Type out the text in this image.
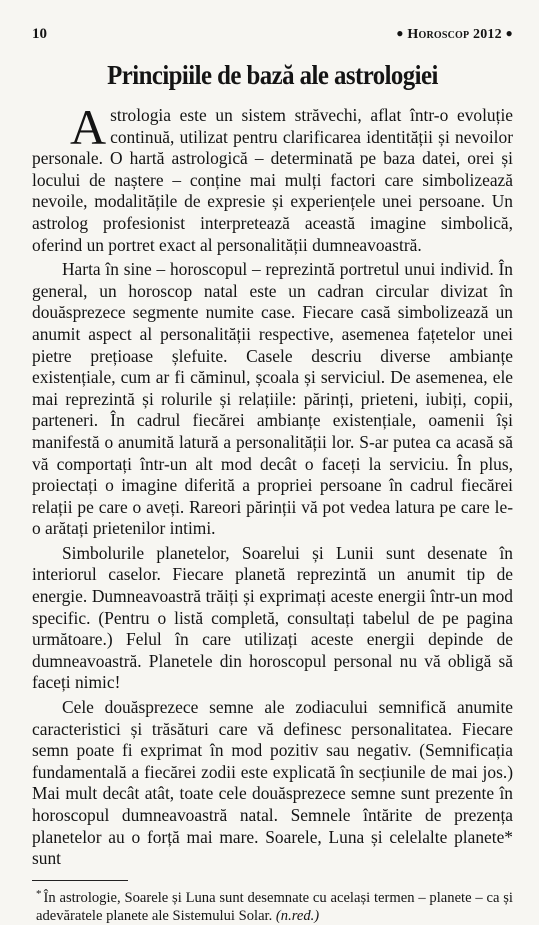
10	● Horoscop 2012 ●
Principiile de bază ale astrologiei

Astrologia este un sistem străvechi, aflat într-o evoluție continuă, utilizat pentru clarificarea identității și nevoilor personale. O hartă astrologică – determinată pe baza datei, orei și locului de naștere – conține mai mulți factori care simbolizează nevoile, modalitățile de expresie și experiențele unei persoane. Un astrolog profesionist interpretează această imagine simbolică, oferind un portret exact al personalității dumneavoastră.

Harta în sine – horoscopul – reprezintă portretul unui individ. În general, un horoscop natal este un cadran circular divizat în douăsprezece segmente numite case. Fiecare casă simbolizează un anumit aspect al personalității respective, asemenea fațetelor unei pietre prețioase șlefuite. Casele descriu diverse ambianțe existențiale, cum ar fi căminul, școala și serviciul. De asemenea, ele mai reprezintă și rolurile și relațiile: părinți, prieteni, iubiți, copii, parteneri. În cadrul fiecărei ambianțe existențiale, oamenii își manifestă o anumită latură a personalității lor. S-ar putea ca acasă să vă comportați într-un alt mod decât o faceți la serviciu. În plus, proiectați o imagine diferită a propriei persoane în cadrul fiecărei relații pe care o aveți. Rareori părinții vă pot vedea latura pe care le-o arătați prietenilor intimi.

Simbolurile planetelor, Soarelui și Lunii sunt desenate în interiorul caselor. Fiecare planetă reprezintă un anumit tip de energie. Dumneavoastră trăiți și exprimați aceste energii într-un mod specific. (Pentru o listă completă, consultați tabelul de pe pagina următoare.) Felul în care utilizați aceste energii depinde de dumneavoastră. Planetele din horoscopul personal nu vă obligă să faceți nimic!

Cele douăsprezece semne ale zodiacului semnifică anumite caracteristici și trăsături care vă definesc personalitatea. Fiecare semn poate fi exprimat în mod pozitiv sau negativ. (Semnificația fundamentală a fiecărei zodii este explicată în secțiunile de mai jos.) Mai mult decât atât, toate cele douăsprezece semne sunt prezente în horoscopul dumneavoastră natal. Semnele întărite de prezența planetelor au o forță mai mare. Soarele, Luna și celelalte planete* sunt

* În astrologie, Soarele și Luna sunt desemnate cu același termen – planete – ca și adevăratele planete ale Sistemului Solar. (n.red.)
